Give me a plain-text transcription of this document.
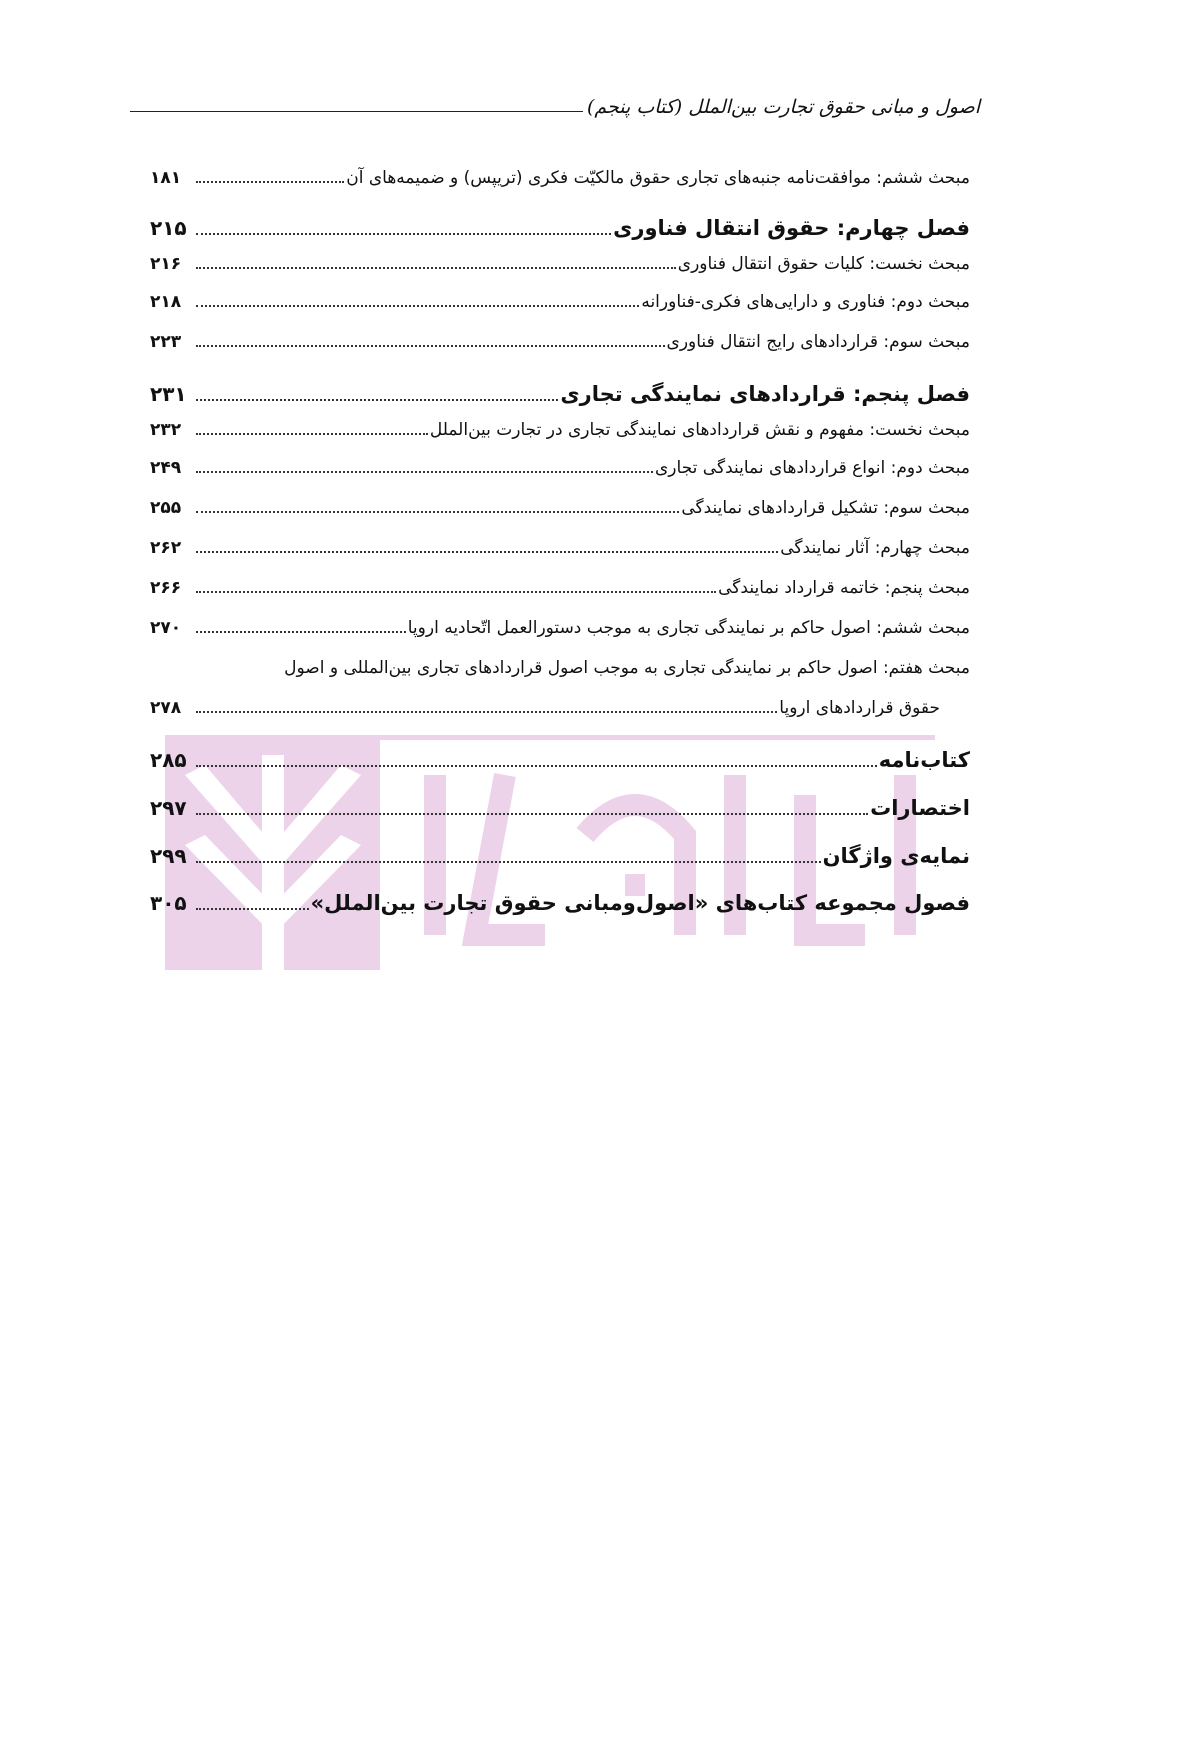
اصول و مبانی حقوق تجارت بین‌الملل (کتاب پنجم)
مبحث ششم: موافقت‌نامه جنبه‌های تجاری حقوق مالکیّت فکری (تریپس) و ضمیمه‌های آن
۱۸۱
فصل چهارم: حقوق انتقال فناوری
۲۱۵
مبحث نخست: کلیات حقوق انتقال فناوری
۲۱۶
مبحث دوم: فناوری و دارایی‌های فکری-فناورانه
۲۱۸
مبحث سوم: قراردادهای رایج انتقال فناوری
۲۲۳
فصل پنجم: قراردادهای نمایندگی تجاری
۲۳۱
مبحث نخست: مفهوم و نقش قراردادهای نمایندگی تجاری در تجارت بین‌الملل
۲۳۲
مبحث دوم: انواع قراردادهای نمایندگی تجاری
۲۴۹
مبحث سوم: تشکیل قراردادهای نمایندگی
۲۵۵
مبحث چهارم: آثار نمایندگی
۲۶۲
مبحث پنجم: خاتمه قرارداد نمایندگی
۲۶۶
مبحث ششم: اصول حاکم بر نمایندگی تجاری به موجب دستورالعمل اتّحادیه اروپا
۲۷۰
مبحث هفتم: اصول حاکم بر نمایندگی تجاری به موجب اصول قراردادهای تجاری بین‌المللی و اصول
حقوق قراردادهای اروپا
۲۷۸
کتاب‌نامه
۲۸۵
اختصارات
۲۹۷
نمایه‌ی واژگان
۲۹۹
فصول مجموعه کتاب‌های «اصول‌ومبانی حقوق تجارت بین‌الملل»
۳۰۵
